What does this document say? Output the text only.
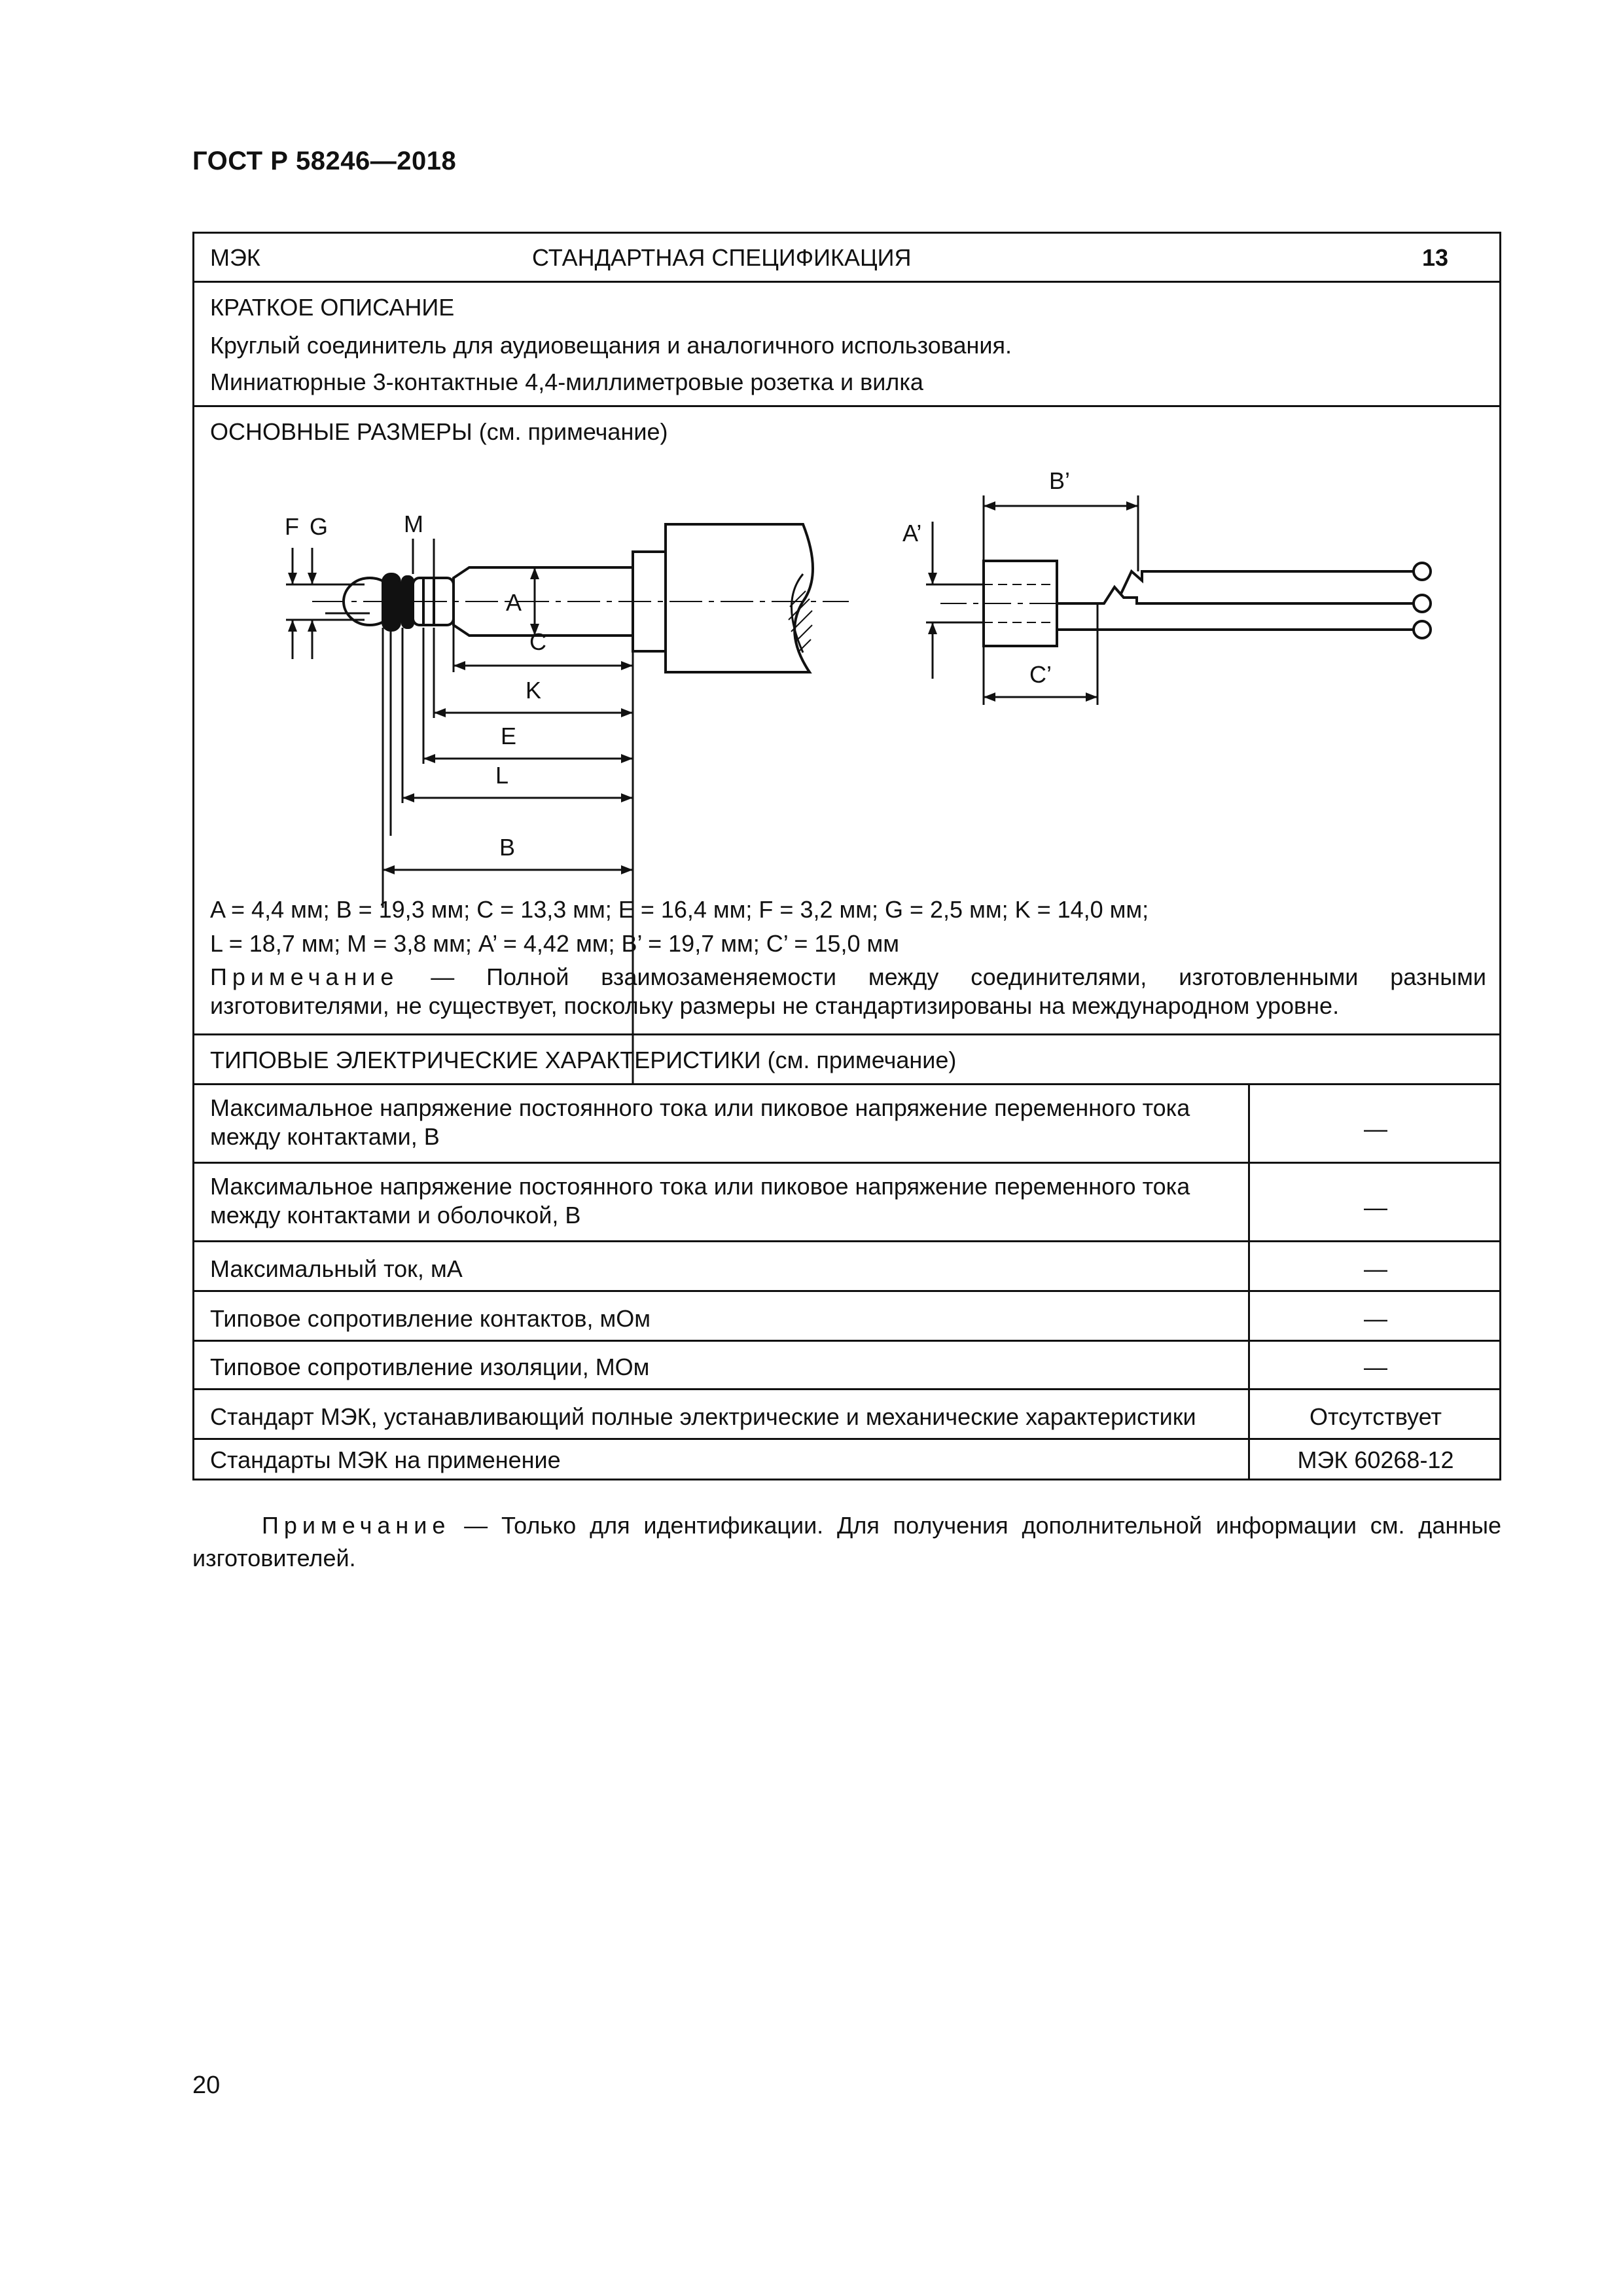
ГОСТ Р 58246—2018
МЭК	СТАНДАРТНАЯ СПЕЦИФИКАЦИЯ	13
КРАТКОЕ ОПИСАНИЕ
Круглый соединитель для аудиовещания и аналогичного использования.
Миниатюрные 3-контактные 4,4-миллиметровые розетка и вилка
ОСНОВНЫЕ РАЗМЕРЫ (см. примечание)
F G	M
A
C
K
E
L
B
A’
B’
C’
A = 4,4 мм; B = 19,3 мм; C = 13,3 мм; E = 16,4 мм; F = 3,2 мм; G = 2,5 мм; K = 14,0 мм;
L = 18,7 мм; M = 3,8 мм; A’ = 4,42 мм; B’ = 19,7 мм; C’ = 15,0 мм
Примечание — Полной взаимозаменяемости между соединителями, изготовленными разными изготовителями, не существует, поскольку размеры не стандартизированы на международном уровне.
ТИПОВЫЕ ЭЛЕКТРИЧЕСКИЕ ХАРАКТЕРИСТИКИ (см. примечание)
Максимальное напряжение постоянного тока или пиковое напряжение переменного тока между контактами, В	—
Максимальное напряжение постоянного тока или пиковое напряжение переменного тока между контактами и оболочкой, В	—
Максимальный ток, мА	—
Типовое сопротивление контактов, мОм	—
Типовое сопротивление изоляции, МОм	—
Стандарт МЭК, устанавливающий полные электрические и механические характеристики	Отсутствует
Стандарты МЭК на применение	МЭК 60268-12
Примечание — Только для идентификации. Для получения дополнительной информации см. данные изготовителей.
20
